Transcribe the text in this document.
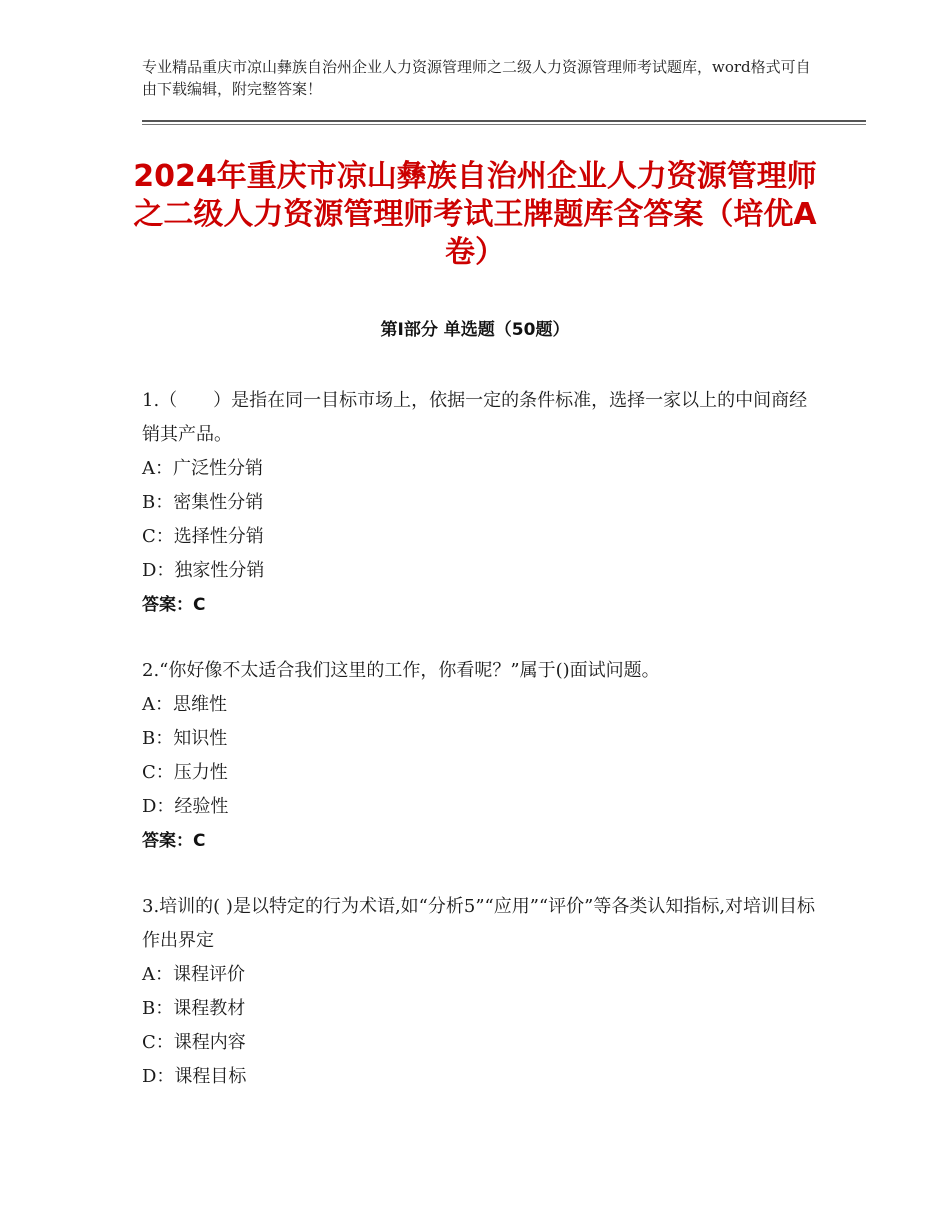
专业精品重庆市凉山彝族自治州企业人力资源管理师之二级人力资源管理师考试题库，word格式可自由下载编辑，附完整答案！
2024年重庆市凉山彝族自治州企业人力资源管理师之二级人力资源管理师考试王牌题库含答案（培优A卷）
第Ⅰ部分 单选题（50题）
1.（　　）是指在同一目标市场上，依据一定的条件标准，选择一家以上的中间商经销其产品。
A：广泛性分销
B：密集性分销
C：选择性分销
D：独家性分销
答案：C
2.“你好像不太适合我们这里的工作，你看呢？”属于()面试问题。
A：思维性
B：知识性
C：压力性
D：经验性
答案：C
3.培训的( )是以特定的行为术语,如“分析5”“应用”“评价”等各类认知指标,对培训目标作出界定
A：课程评价
B：课程教材
C：课程内容
D：课程目标
